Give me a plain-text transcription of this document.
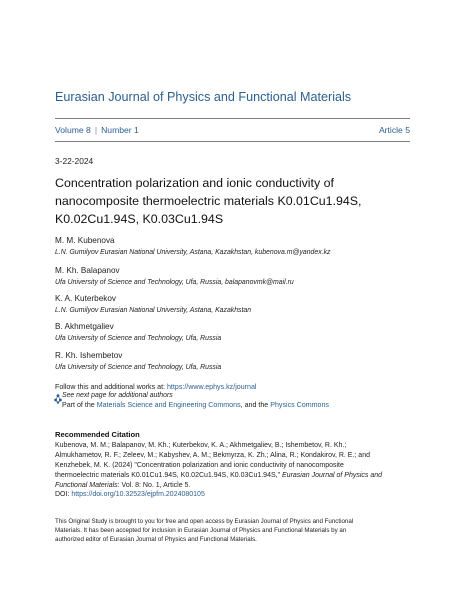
Eurasian Journal of Physics and Functional Materials
Volume 8 | Number 1	Article 5
3-22-2024
Concentration polarization and ionic conductivity of
nanocomposite thermoelectric materials K0.01Cu1.94S,
K0.02Cu1.94S, K0.03Cu1.94S
M. M. Kubenova
L.N. Gumilyov Eurasian National University, Astana, Kazakhstan, kubenova.m@yandex.kz
M. Kh. Balapanov
Ufa University of Science and Technology, Ufa, Russia, balapanovmk@mail.ru
K. A. Kuterbekov
L.N. Gumilyov Eurasian National University, Astana, Kazakhstan
B. Akhmetgaliev
Ufa University of Science and Technology, Ufa, Russia
R. Kh. Ishembetov
Ufa University of Science and Technology, Ufa, Russia
Follow this and additional works at: https://www.ephys.kz/journal
See next page for additional authors
Part of the Materials Science and Engineering Commons, and the Physics Commons
Recommended Citation
Kubenova, M. M.; Balapanov, M. Kh.; Kuterbekov, K. A.; Akhmetgaliev, B.; Ishembetov, R. Kh.;
Almukhametov, R. F.; Zeleev, M.; Kabyshev, A. M.; Bekmyrza, K. Zh.; Alina, R.; Kondakirov, R. E.; and
Kenzhebek, M. K. (2024) "Concentration polarization and ionic conductivity of nanocomposite
thermoelectric materials K0.01Cu1.94S, K0.02Cu1.94S, K0.03Cu1.94S," Eurasian Journal of Physics and
Functional Materials: Vol. 8: No. 1, Article 5.
DOI: https://doi.org/10.32523/ejpfm.2024080105
This Original Study is brought to you for free and open access by Eurasian Journal of Physics and Functional
Materials. It has been accepted for inclusion in Eurasian Journal of Physics and Functional Materials by an
authorized editor of Eurasian Journal of Physics and Functional Materials.
